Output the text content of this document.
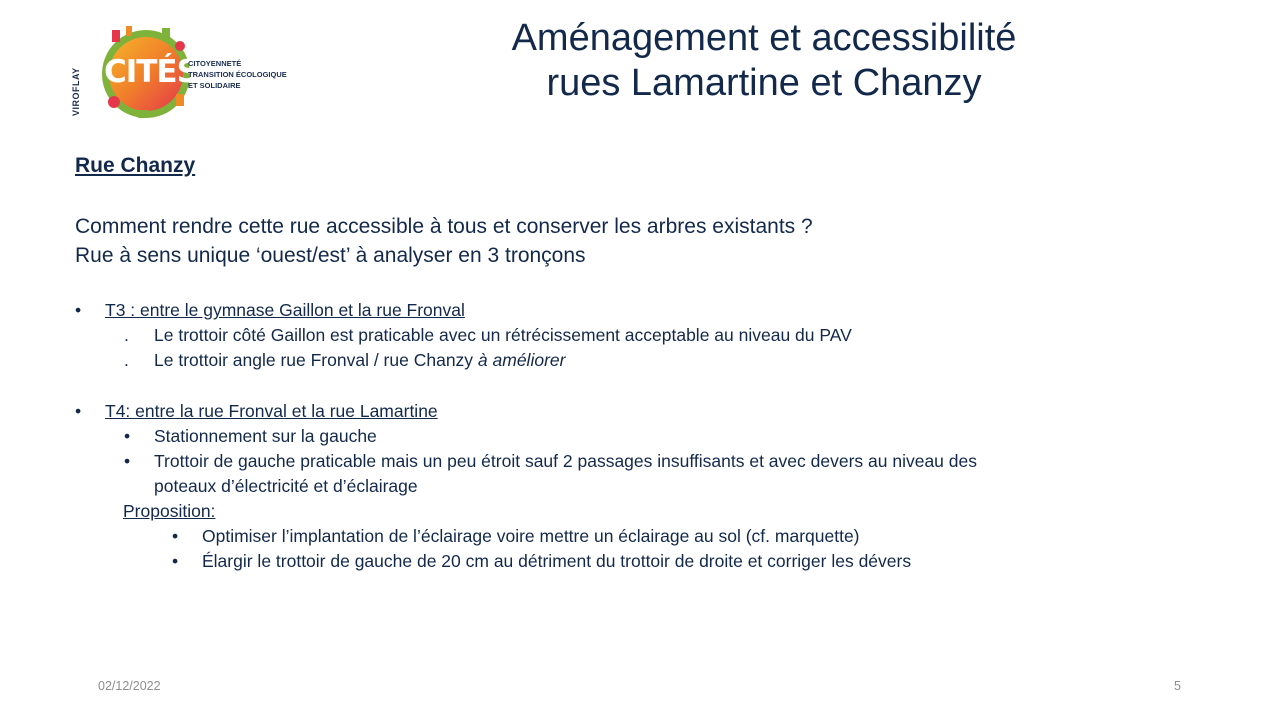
VIROFLAY CITÉS
CITOYENNETÉ
TRANSITION ÉCOLOGIQUE
ET SOLIDAIRE
Aménagement et accessibilité
rues Lamartine et Chanzy
Rue Chanzy
Comment rendre cette rue accessible à tous et conserver les arbres existants ?
Rue à sens unique ‘ouest/est’ à analyser en 3 tronçons
• T3 : entre le gymnase Gaillon et la rue Fronval
. Le trottoir côté Gaillon est praticable avec un rétrécissement acceptable au niveau du PAV
. Le trottoir angle rue Fronval / rue Chanzy à améliorer
• T4: entre la rue Fronval et la rue Lamartine
• Stationnement sur la gauche
• Trottoir de gauche praticable mais un peu étroit sauf 2 passages insuffisants et avec devers au niveau des
poteaux d’électricité et d’éclairage
Proposition:
• Optimiser l’implantation de l’éclairage voire mettre un éclairage au sol (cf. marquette)
• Élargir le trottoir de gauche de 20 cm au détriment du trottoir de droite et corriger les dévers
02/12/2022	5
